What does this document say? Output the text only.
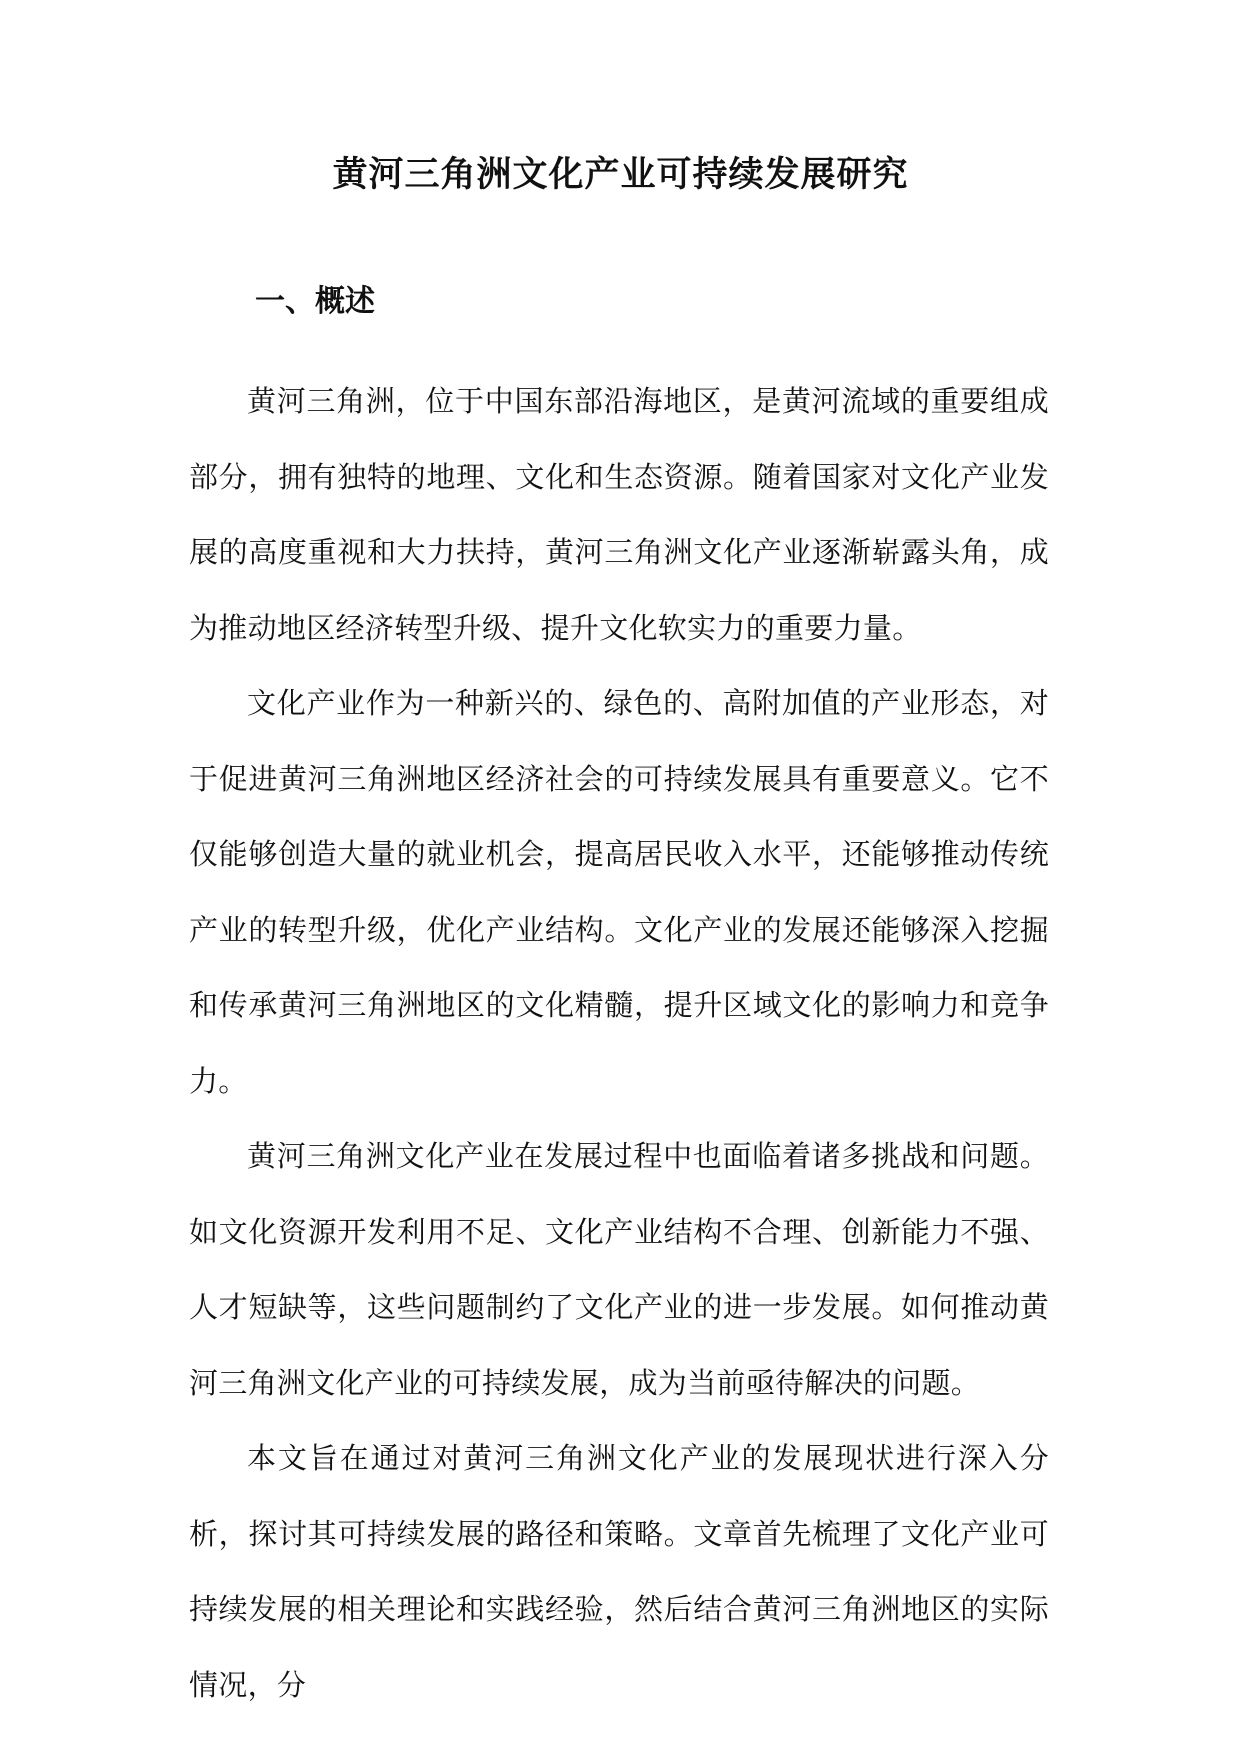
黄河三角洲文化产业可持续发展研究
一、概述

黄河三角洲，位于中国东部沿海地区，是黄河流域的重要组成部分，拥有独特的地理、文化和生态资源。随着国家对文化产业发展的高度重视和大力扶持，黄河三角洲文化产业逐渐崭露头角，成为推动地区经济转型升级、提升文化软实力的重要力量。

文化产业作为一种新兴的、绿色的、高附加值的产业形态，对于促进黄河三角洲地区经济社会的可持续发展具有重要意义。它不仅能够创造大量的就业机会，提高居民收入水平，还能够推动传统产业的转型升级，优化产业结构。文化产业的发展还能够深入挖掘和传承黄河三角洲地区的文化精髓，提升区域文化的影响力和竞争力。

黄河三角洲文化产业在发展过程中也面临着诸多挑战和问题。如文化资源开发利用不足、文化产业结构不合理、创新能力不强、人才短缺等，这些问题制约了文化产业的进一步发展。如何推动黄河三角洲文化产业的可持续发展，成为当前亟待解决的问题。

本文旨在通过对黄河三角洲文化产业的发展现状进行深入分析，探讨其可持续发展的路径和策略。文章首先梳理了文化产业可持续发展的相关理论和实践经验，然后结合黄河三角洲地区的实际情况，分
